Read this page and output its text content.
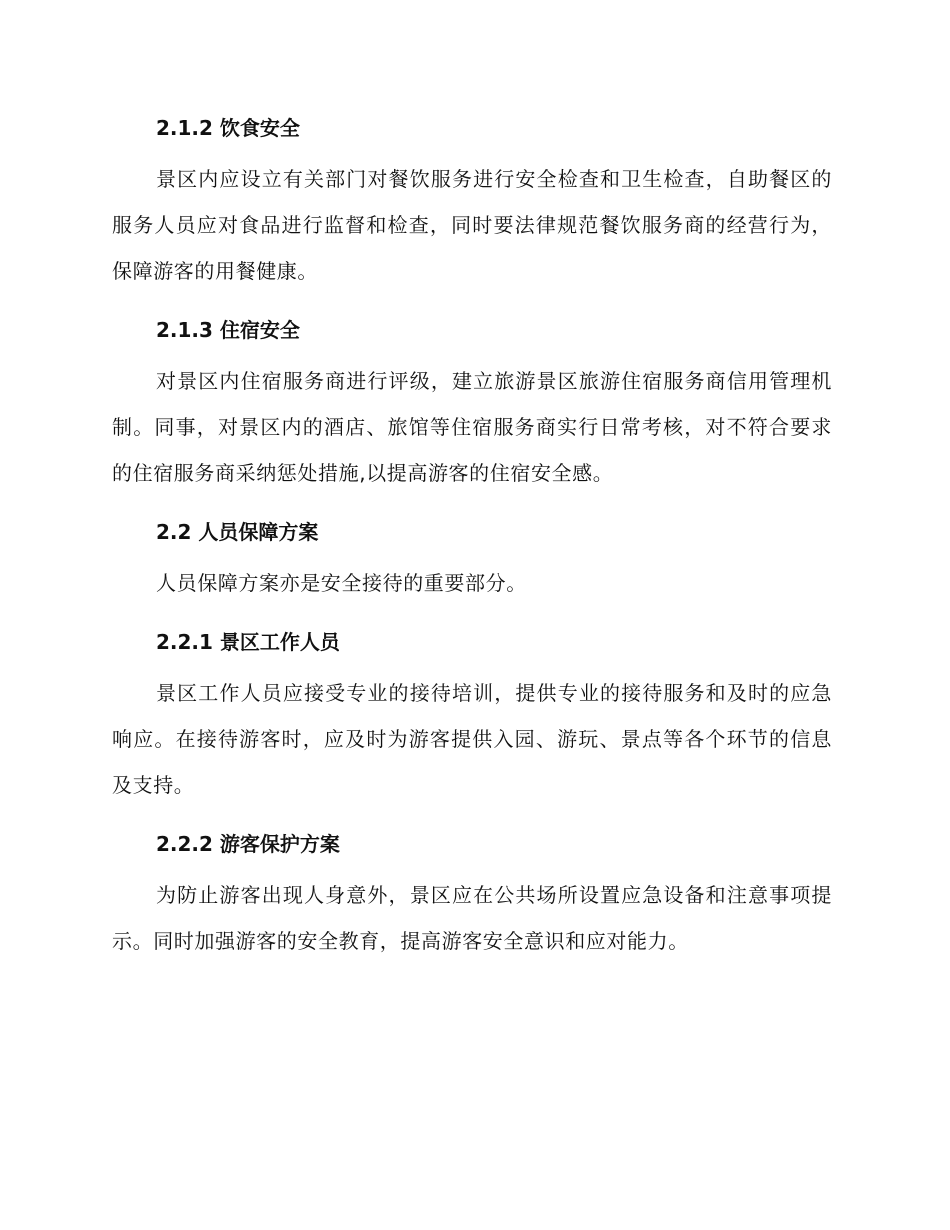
2.1.2 饮食安全

景区内应设立有关部门对餐饮服务进行安全检查和卫生检查，自助餐区的服务人员应对食品进行监督和检查，同时要法律规范餐饮服务商的经营行为，保障游客的用餐健康。

2.1.3 住宿安全

对景区内住宿服务商进行评级，建立旅游景区旅游住宿服务商信用管理机制。同事，对景区内的酒店、旅馆等住宿服务商实行日常考核，对不符合要求的住宿服务商采纳惩处措施,以提高游客的住宿安全感。

2.2 人员保障方案

人员保障方案亦是安全接待的重要部分。

2.2.1 景区工作人员

景区工作人员应接受专业的接待培训，提供专业的接待服务和及时的应急响应。在接待游客时，应及时为游客提供入园、游玩、景点等各个环节的信息及支持。

2.2.2 游客保护方案

为防止游客出现人身意外，景区应在公共场所设置应急设备和注意事项提示。同时加强游客的安全教育，提高游客安全意识和应对能力。
